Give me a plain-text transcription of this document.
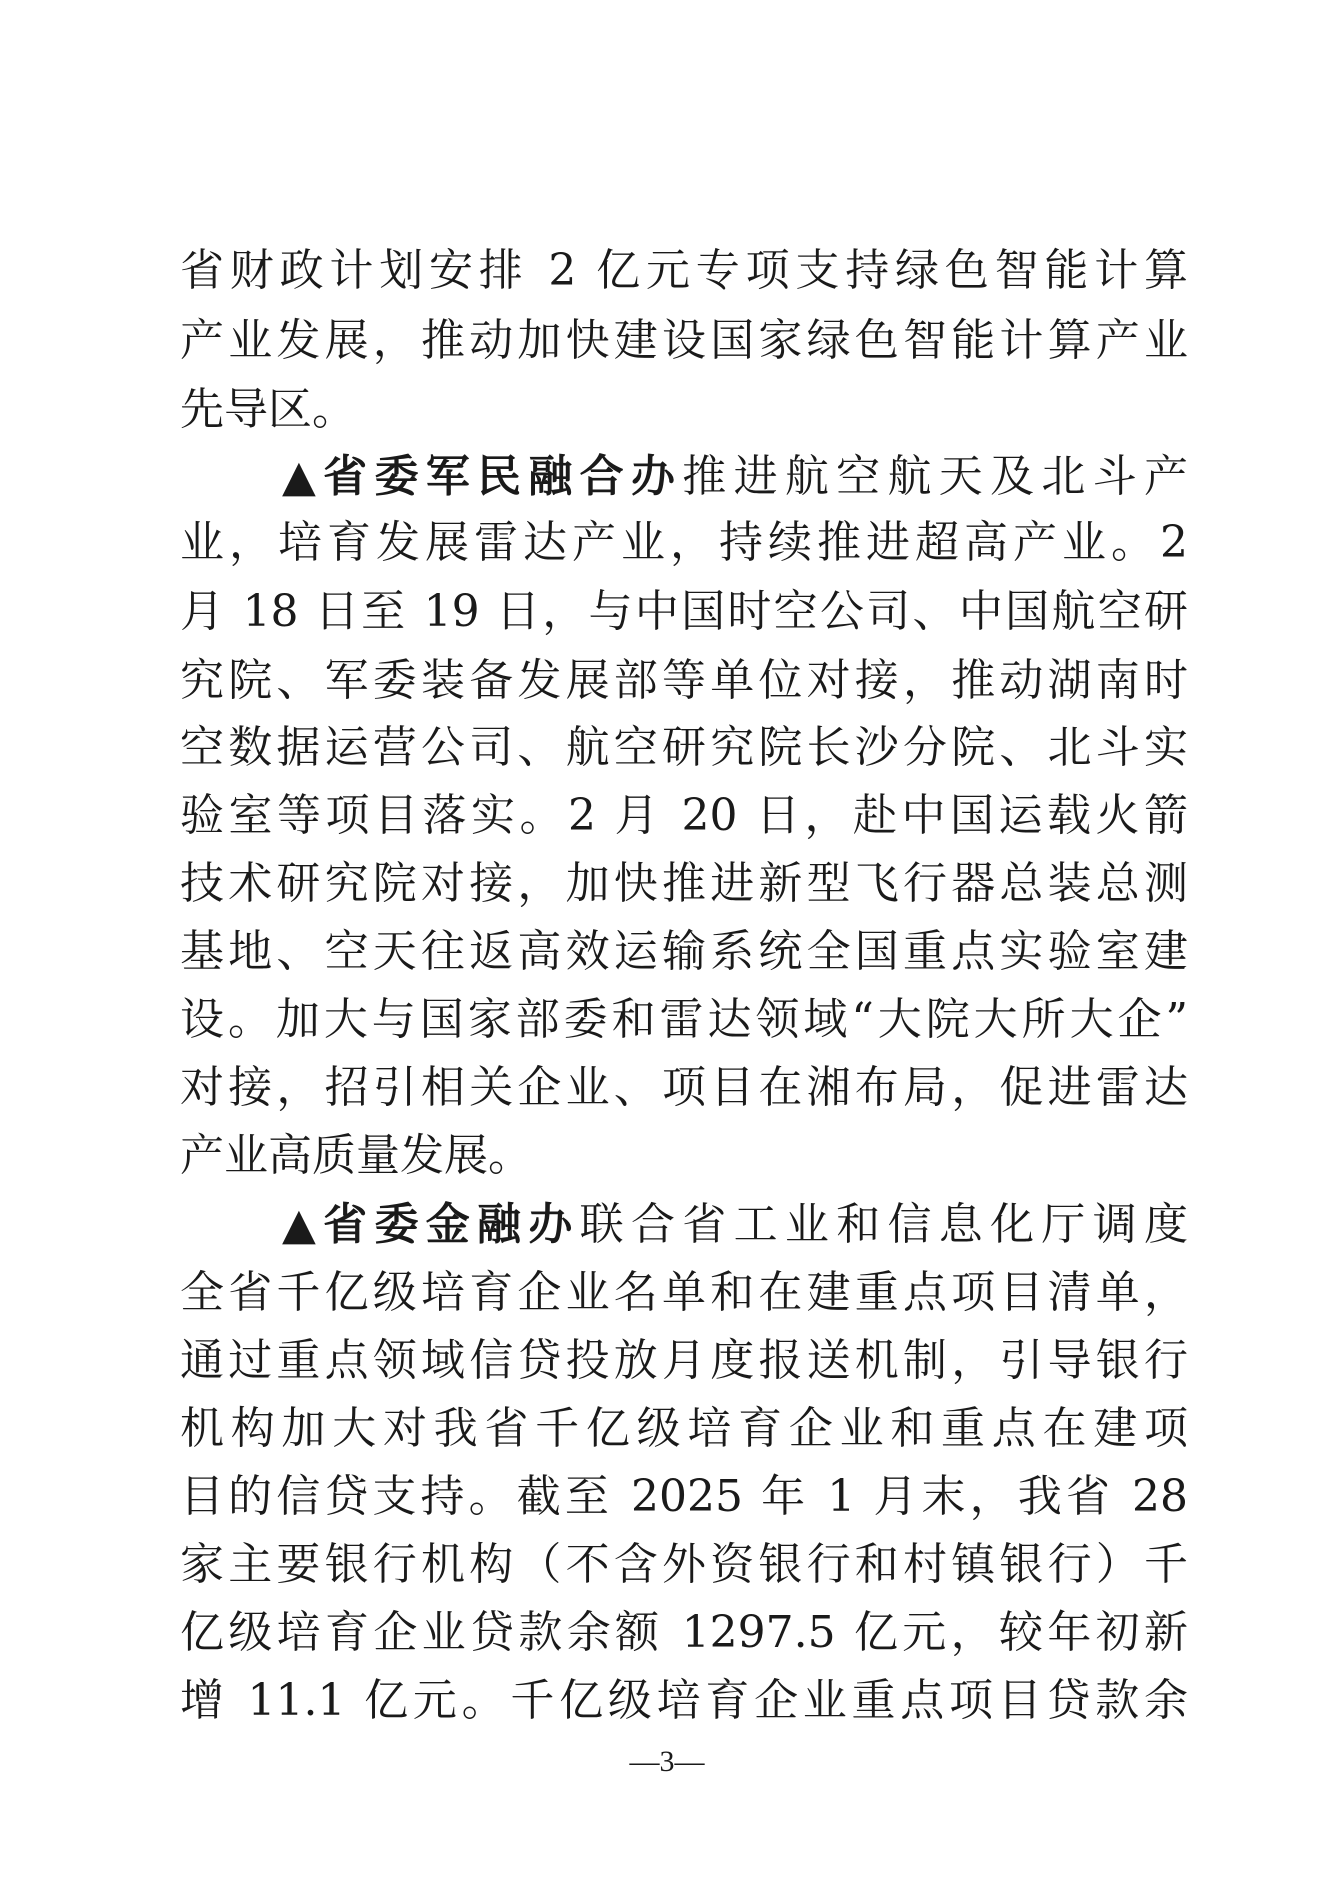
省财政计划安排 2 亿元专项支持绿色智能计算
产业发展，推动加快建设国家绿色智能计算产业
先导区。
▲省委军民融合办推进航空航天及北斗产
业，培育发展雷达产业，持续推进超高产业。2
月 18 日至 19 日，与中国时空公司、中国航空研
究院、军委装备发展部等单位对接，推动湖南时
空数据运营公司、航空研究院长沙分院、北斗实
验室等项目落实。2 月 20 日，赴中国运载火箭
技术研究院对接，加快推进新型飞行器总装总测
基地、空天往返高效运输系统全国重点实验室建
设。加大与国家部委和雷达领域“大院大所大企”
对接，招引相关企业、项目在湘布局，促进雷达
产业高质量发展。
▲省委金融办联合省工业和信息化厅调度
全省千亿级培育企业名单和在建重点项目清单，
通过重点领域信贷投放月度报送机制，引导银行
机构加大对我省千亿级培育企业和重点在建项
目的信贷支持。截至 2025 年 1 月末，我省 28
家主要银行机构（不含外资银行和村镇银行）千
亿级培育企业贷款余额 1297.5 亿元，较年初新
增 11.1 亿元。千亿级培育企业重点项目贷款余
—3—
